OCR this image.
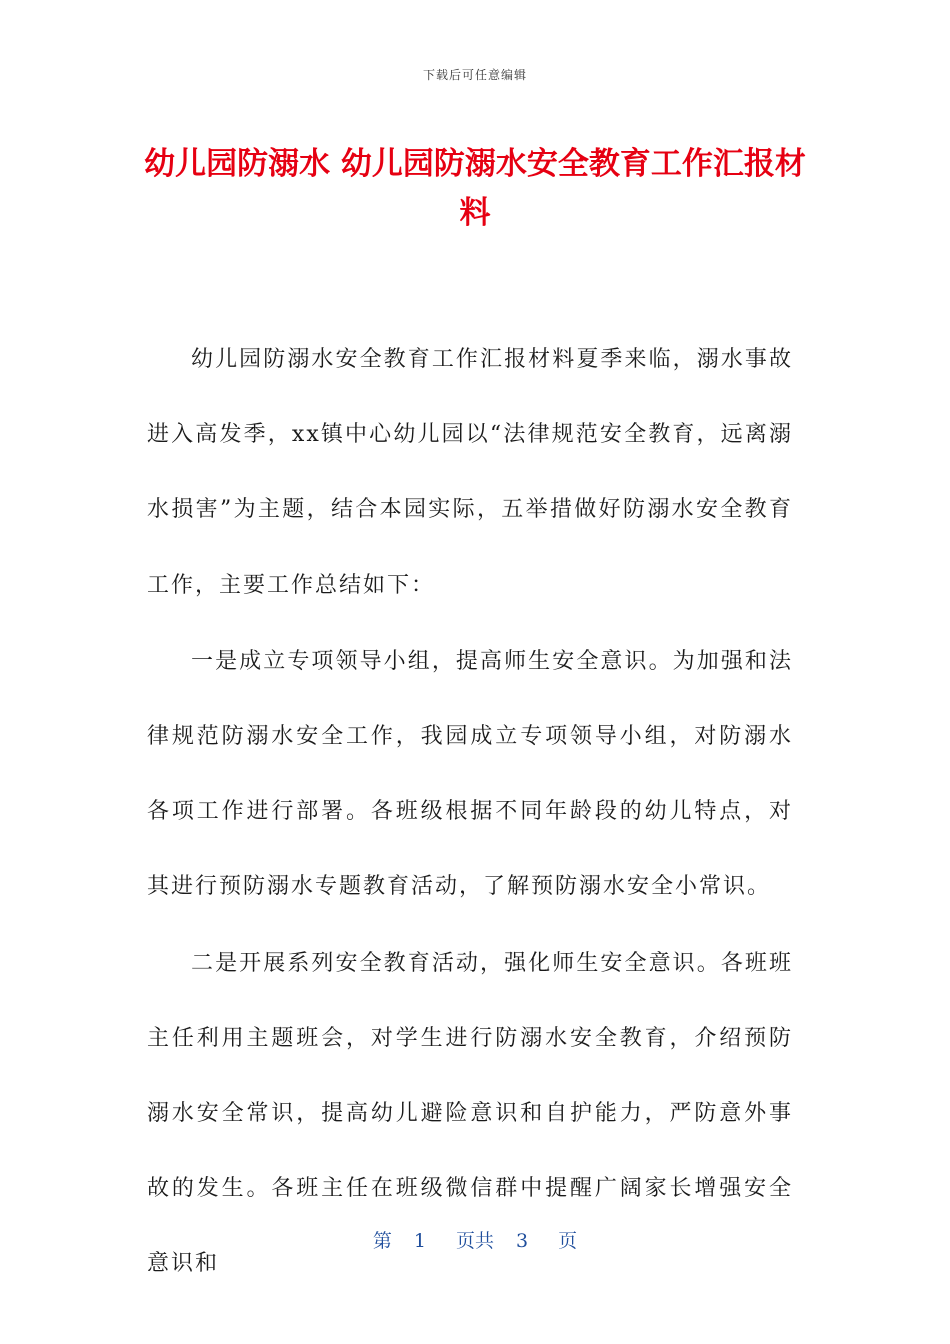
下载后可任意编辑
幼儿园防溺水 幼儿园防溺水安全教育工作汇报材料

幼儿园防溺水安全教育工作汇报材料夏季来临，溺水事故进入高发季，xx镇中心幼儿园以“法律规范安全教育，远离溺水损害”为主题，结合本园实际，五举措做好防溺水安全教育工作，主要工作总结如下：

一是成立专项领导小组，提高师生安全意识。为加强和法律规范防溺水安全工作，我园成立专项领导小组，对防溺水各项工作进行部署。各班级根据不同年龄段的幼儿特点，对其进行预防溺水专题教育活动，了解预防溺水安全小常识。

二是开展系列安全教育活动，强化师生安全意识。各班班主任利用主题班会，对学生进行防溺水安全教育，介绍预防溺水安全常识，提高幼儿避险意识和自护能力，严防意外事故的发生。各班主任在班级微信群中提醒广阔家长增强安全意识和

第 1 页共 3 页
